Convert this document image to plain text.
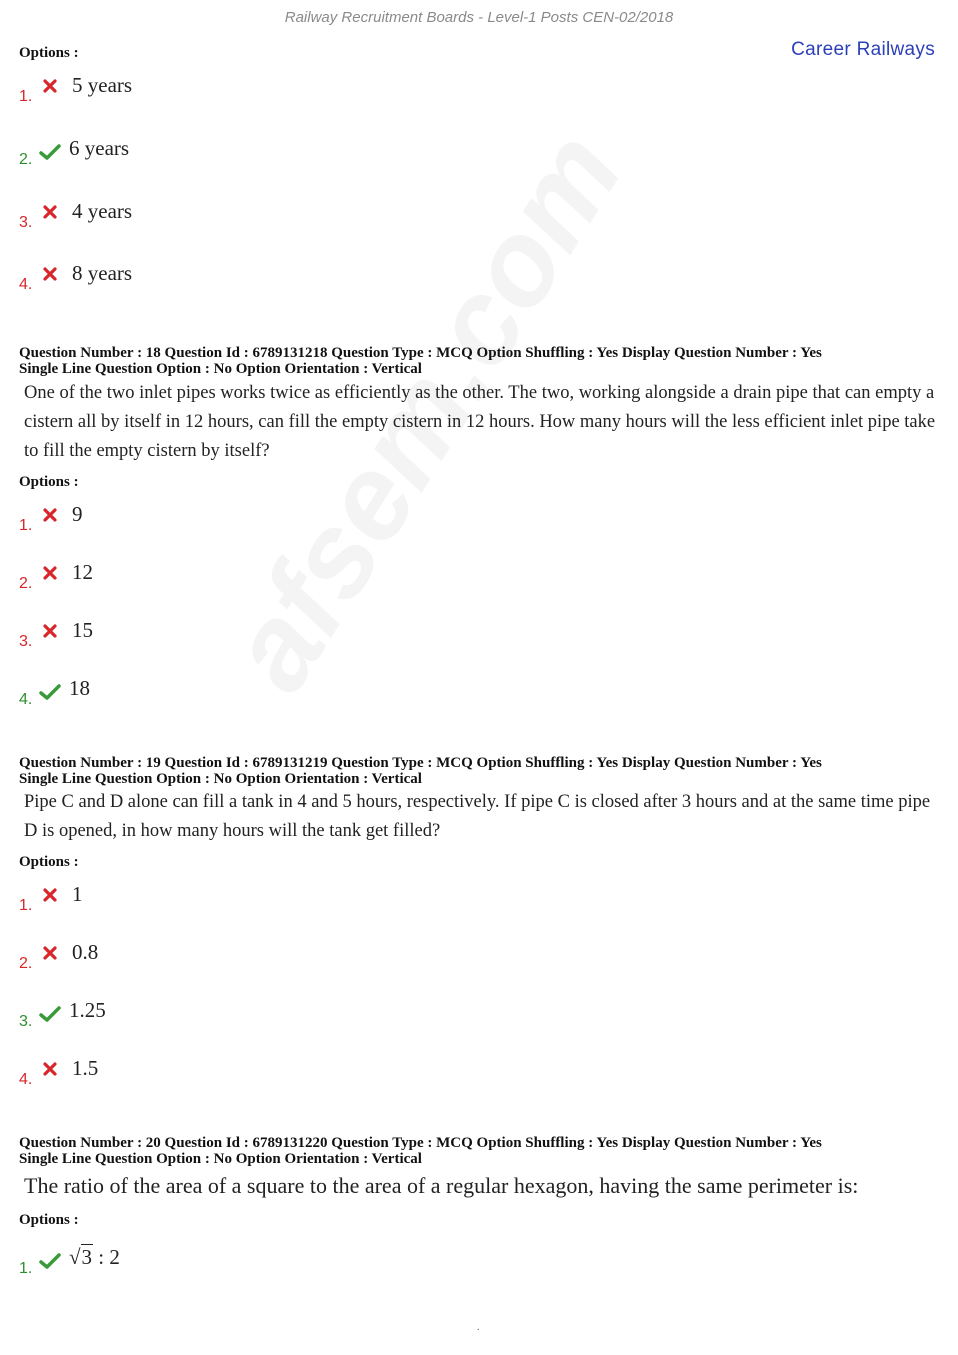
Railway Recruitment Boards - Level-1 Posts CEN-02/2018
Career Railways
Options :
Question Number : 18 Question Id : 6789131218 Question Type : MCQ Option Shuffling : Yes Display Question Number : Yes
Single Line Question Option : No Option Orientation : Vertical
One of the two inlet pipes works twice as efficiently as the other. The two, working alongside a drain pipe that can empty a cistern all by itself in 12 hours, can fill the empty cistern in 12 hours. How many hours will the less efficient inlet pipe take to fill the empty cistern by itself?
Options :
Question Number : 19 Question Id : 6789131219 Question Type : MCQ Option Shuffling : Yes Display Question Number : Yes
Single Line Question Option : No Option Orientation : Vertical
Pipe C and D alone can fill a tank in 4 and 5 hours, respectively. If pipe C is closed after 3 hours and at the same time pipe D is opened, in how many hours will the tank get filled?
Options :
Question Number : 20 Question Id : 6789131220 Question Type : MCQ Option Shuffling : Yes Display Question Number : Yes
Single Line Question Option : No Option Orientation : Vertical
The ratio of the area of a square to the area of a regular hexagon, having the same perimeter is:
Options :
1.	√3 : 2
.
1.	5 years
2.	6 years
3.	4 years
4.	8 years
1.	9
2.	12
3.	15
4.	18
1.	1
2.	0.8
3.	1.25
4.	1.5
